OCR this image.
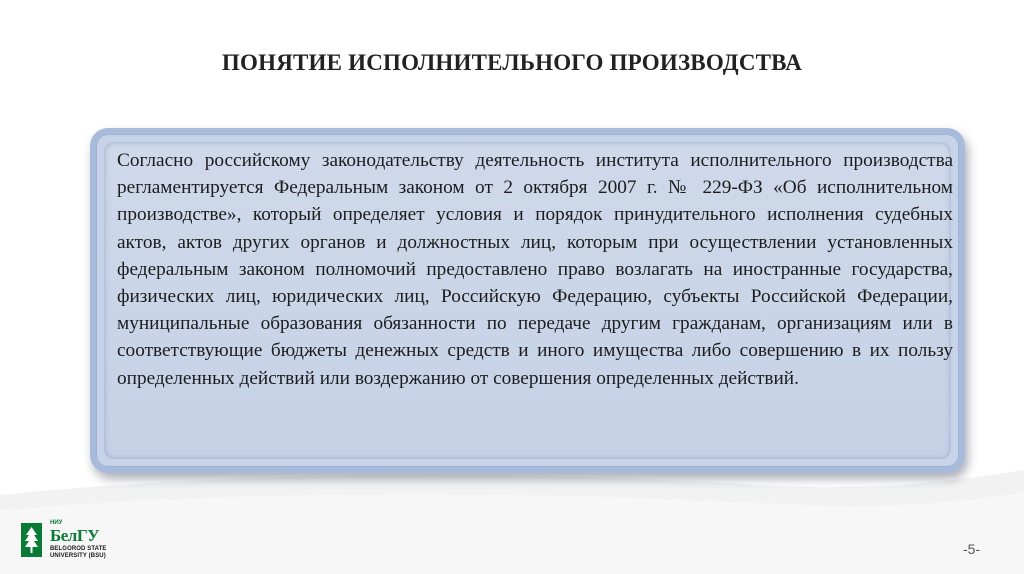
ПОНЯТИЕ ИСПОЛНИТЕЛЬНОГО ПРОИЗВОДСТВА

Согласно российскому законодательству деятельность института исполнительного производства регламентируется Федеральным законом от 2 октября 2007 г. № 229-ФЗ «Об исполнительном производстве», который определяет условия и порядок принудительного исполнения судебных актов, актов других органов и должностных лиц, которым при осуществлении установленных федеральным законом полномочий предоставлено право возлагать на иностранные государства, физических лиц, юридических лиц, Российскую Федерацию, субъекты Российской Федерации, муниципальные образования обязанности по передаче другим гражданам, организациям или в соответствующие бюджеты денежных средств и иного имущества либо совершению в их пользу определенных действий или воздержанию от совершения определенных действий.

НИУ
БелГУ
BELGOROD STATE
UNIVERSITY (BSU)	-5-
